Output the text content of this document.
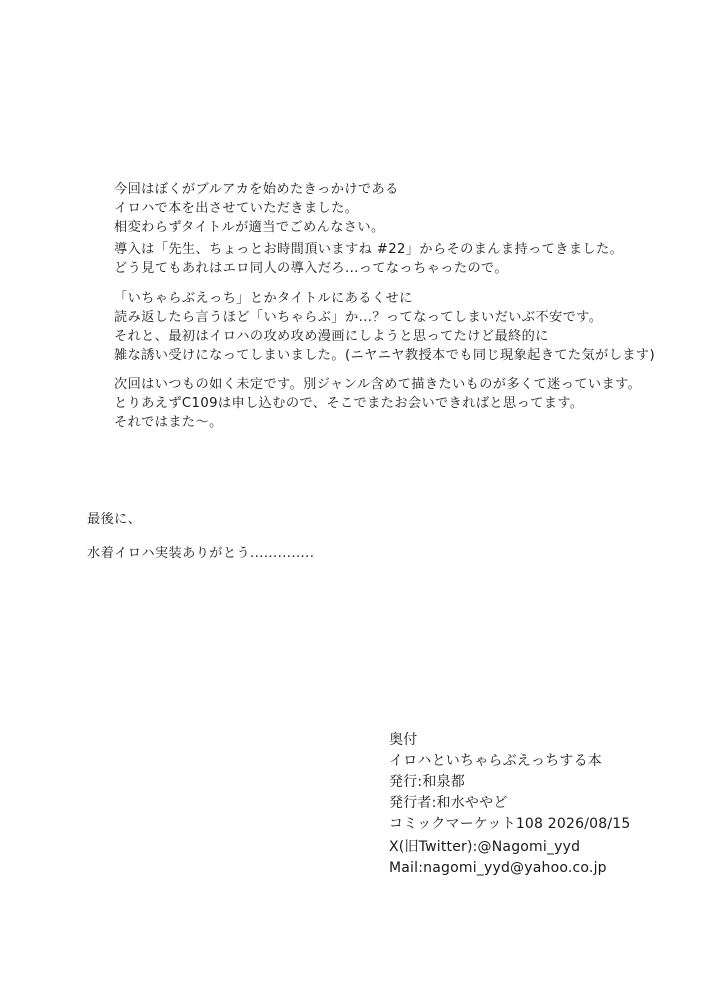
今回はぼくがブルアカを始めたきっかけである
イロハで本を出させていただきました。
相変わらずタイトルが適当でごめんなさい。
導入は「先生、ちょっとお時間頂いますね #22」からそのまんま持ってきました。
どう見てもあれはエロ同人の導入だろ...ってなっちゃったので。
「いちゃらぶえっち」とかタイトルにあるくせに
読み返したら言うほど「いちゃらぶ」か...？ってなってしまいだいぶ不安です。
それと、最初はイロハの攻め攻め漫画にしようと思ってたけど最終的に
雑な誘い受けになってしまいました。(ニヤニヤ教授本でも同じ現象起きてた気がします)
次回はいつもの如く未定です。別ジャンル含めて描きたいものが多くて迷っています。
とりあえずC109は申し込むので、そこでまたお会いできればと思ってます。
それではまた～。
最後に、
水着イロハ実装ありがとう..............
奥付
イロハといちゃらぶえっちする本
発行:和泉都
発行者:和水ややど
コミックマーケット108 2026/08/15
X(旧Twitter):@Nagomi_yyd
Mail:nagomi_yyd@yahoo.co.jp
